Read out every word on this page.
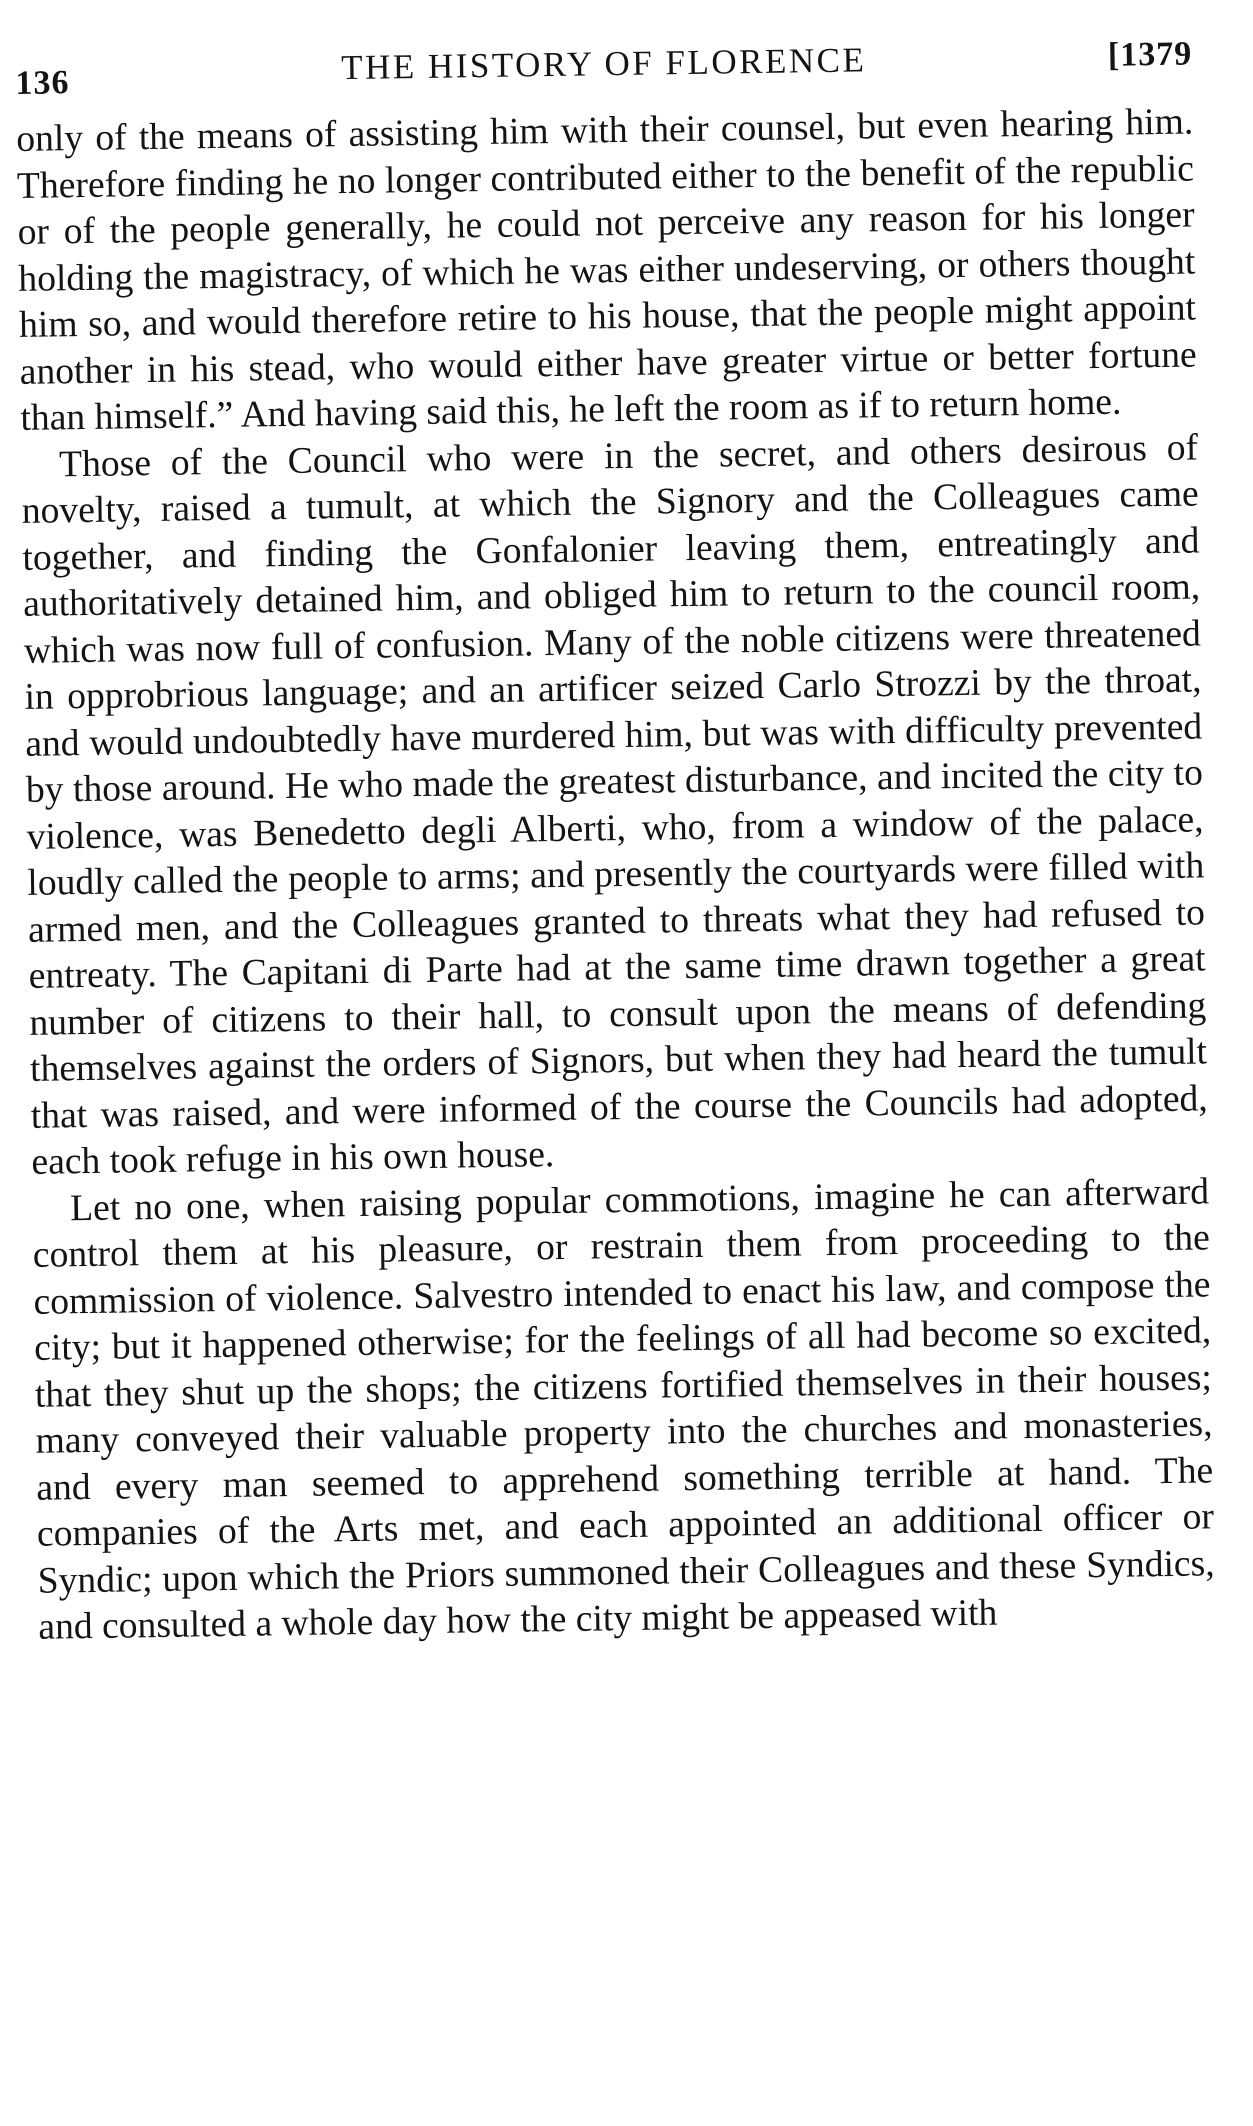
136	THE HISTORY OF FLORENCE	[1379

only of the means of assisting him with their counsel, but even hearing him. Therefore finding he no longer contributed either to the benefit of the republic or of the people generally, he could not perceive any reason for his longer holding the magistracy, of which he was either undeserving, or others thought him so, and would therefore retire to his house, that the people might appoint another in his stead, who would either have greater virtue or better fortune than himself.” And having said this, he left the room as if to return home.

Those of the Council who were in the secret, and others desirous of novelty, raised a tumult, at which the Signory and the Colleagues came together, and finding the Gonfalonier leaving them, entreatingly and authoritatively detained him, and obliged him to return to the council room, which was now full of confusion. Many of the noble citizens were threatened in opprobrious language; and an artificer seized Carlo Strozzi by the throat, and would undoubtedly have murdered him, but was with difficulty prevented by those around. He who made the greatest disturbance, and incited the city to violence, was Benedetto degli Alberti, who, from a window of the palace, loudly called the people to arms; and presently the courtyards were filled with armed men, and the Colleagues granted to threats what they had refused to entreaty. The Capitani di Parte had at the same time drawn together a great number of citizens to their hall, to consult upon the means of defending themselves against the orders of Signors, but when they had heard the tumult that was raised, and were informed of the course the Councils had adopted, each took refuge in his own house.

Let no one, when raising popular commotions, imagine he can afterward control them at his pleasure, or restrain them from proceeding to the commission of violence. Salvestro intended to enact his law, and compose the city; but it happened otherwise; for the feelings of all had become so excited, that they shut up the shops; the citizens fortified themselves in their houses; many conveyed their valuable property into the churches and monasteries, and every man seemed to apprehend something terrible at hand. The companies of the Arts met, and each appointed an additional officer or Syndic; upon which the Priors summoned their Colleagues and these Syndics, and consulted a whole day how the city might be appeased with
